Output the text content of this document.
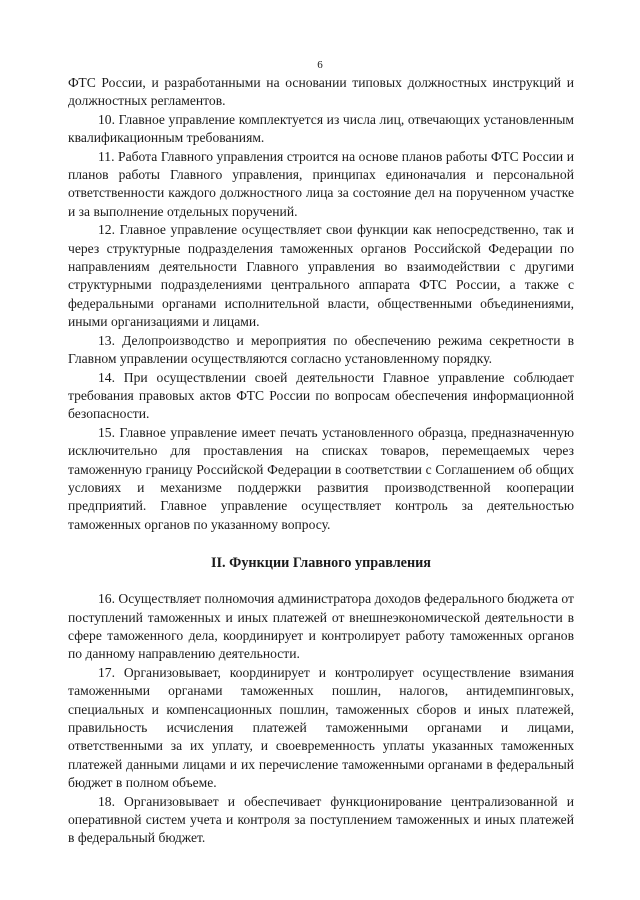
6

ФТС России, и разработанными на основании типовых должностных инструкций и должностных регламентов.

10. Главное управление комплектуется из числа лиц, отвечающих установленным квалификационным требованиям.

11. Работа Главного управления строится на основе планов работы ФТС России и планов работы Главного управления, принципах единоначалия и персональной ответственности каждого должностного лица за состояние дел на порученном участке и за выполнение отдельных поручений.

12. Главное управление осуществляет свои функции как непосредственно, так и через структурные подразделения таможенных органов Российской Федерации по направлениям деятельности Главного управления во взаимодействии с другими структурными подразделениями центрального аппарата ФТС России, а также с федеральными органами исполнительной власти, общественными объединениями, иными организациями и лицами.

13. Делопроизводство и мероприятия по обеспечению режима секретности в Главном управлении осуществляются согласно установленному порядку.

14. При осуществлении своей деятельности Главное управление соблюдает требования правовых актов ФТС России по вопросам обеспечения информационной безопасности.

15. Главное управление имеет печать установленного образца, предназначенную исключительно для проставления на списках товаров, перемещаемых через таможенную границу Российской Федерации в соответствии с Соглашением об общих условиях и механизме поддержки развития производственной кооперации предприятий. Главное управление осуществляет контроль за деятельностью таможенных органов по указанному вопросу.

II. Функции Главного управления

16. Осуществляет полномочия администратора доходов федерального бюджета от поступлений таможенных и иных платежей от внешнеэкономической деятельности в сфере таможенного дела, координирует и контролирует работу таможенных органов по данному направлению деятельности.

17. Организовывает, координирует и контролирует осуществление взимания таможенными органами таможенных пошлин, налогов, антидемпинговых, специальных и компенсационных пошлин, таможенных сборов и иных платежей, правильность исчисления платежей таможенными органами и лицами, ответственными за их уплату, и своевременность уплаты указанных таможенных платежей данными лицами и их перечисление таможенными органами в федеральный бюджет в полном объеме.

18. Организовывает и обеспечивает функционирование централизованной и оперативной систем учета и контроля за поступлением таможенных и иных платежей в федеральный бюджет.
